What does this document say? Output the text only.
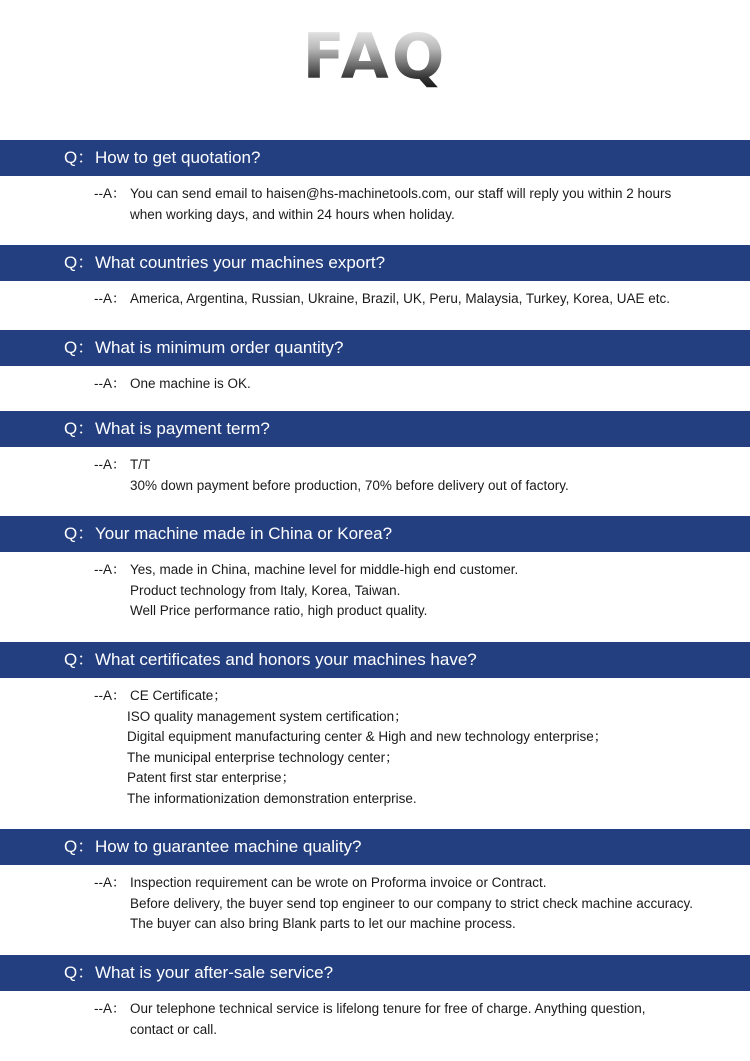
FAQ
Q：How to get quotation?
--A： You can send email to haisen@hs-machinetools.com, our staff will reply you within 2 hours
when working days, and within 24 hours when holiday.
Q：What countries your machines export?
--A： America, Argentina, Russian, Ukraine, Brazil, UK, Peru, Malaysia, Turkey, Korea, UAE etc.
Q：What is minimum order quantity?
--A： One machine is OK.
Q：What is payment term?
--A： T/T
30% down payment before production, 70% before delivery out of factory.
Q：Your machine made in China or Korea?
--A： Yes, made in China, machine level for middle-high end customer.
Product technology from Italy, Korea, Taiwan.
Well Price performance ratio, high product quality.
Q：What certificates and honors your machines have?
--A： CE Certificate；
ISO quality management system certification；
Digital equipment manufacturing center & High and new technology enterprise；
The municipal enterprise technology center；
Patent first star enterprise；
The informationization demonstration enterprise.
Q：How to guarantee machine quality?
--A： Inspection requirement can be wrote on Proforma invoice or Contract.
Before delivery, the buyer send top engineer to our company to strict check machine accuracy.
The buyer can also bring Blank parts to let our machine process.
Q：What is your after-sale service?
--A： Our telephone technical service is lifelong tenure for free of charge. Anything question,
contact or call.
